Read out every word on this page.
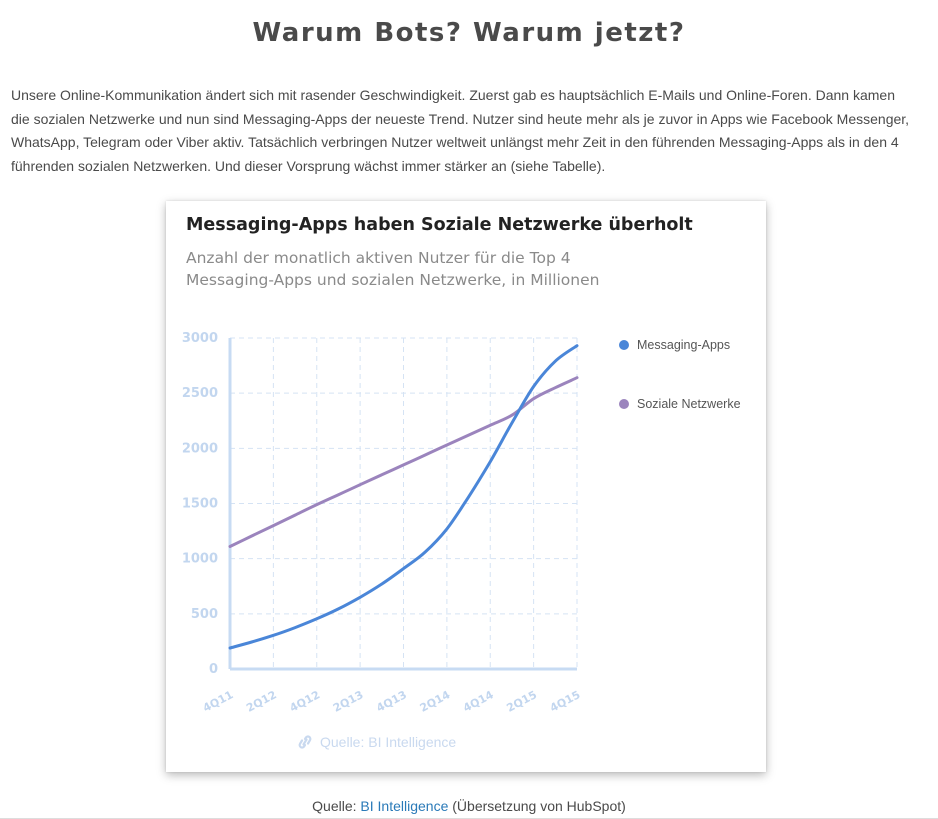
Warum Bots? Warum jetzt?

Unsere Online-Kommunikation ändert sich mit rasender Geschwindigkeit. Zuerst gab es hauptsächlich E-Mails und Online-Foren. Dann kamen die sozialen Netzwerke und nun sind Messaging-Apps der neueste Trend. Nutzer sind heute mehr als je zuvor in Apps wie Facebook Messenger, WhatsApp, Telegram oder Viber aktiv. Tatsächlich verbringen Nutzer weltweit unlängst mehr Zeit in den führenden Messaging-Apps als in den 4 führenden sozialen Netzwerken. Und dieser Vorsprung wächst immer stärker an (siehe Tabelle).

Messaging-Apps haben Soziale Netzwerke überholt

Anzahl der monatlich aktiven Nutzer für die Top 4 Messaging-Apps und sozialen Netzwerke, in Millionen

0
500
1000
1500
2000
2500
3000
4Q11 2Q12 4Q12 2Q13 4Q13 2Q14 4Q14 2Q15 4Q15
Messaging-Apps
Soziale Netzwerke
Quelle: BI Intelligence
Quelle: BI Intelligence (Übersetzung von HubSpot)
